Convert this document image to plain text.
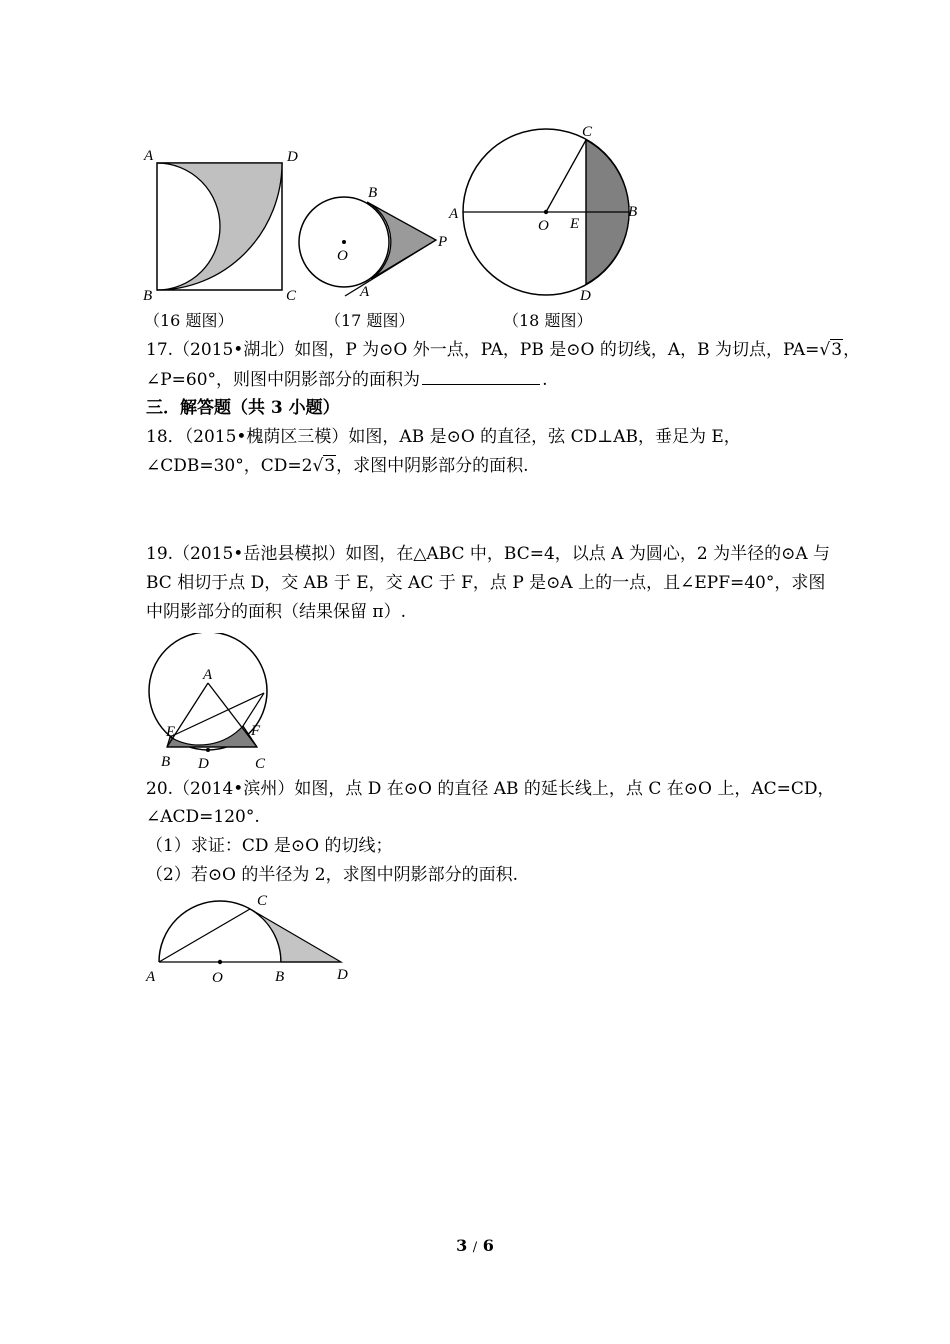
A	D
B	C
（16 题图）
B
O
P
A
（17 题图）
C
A
O E
B
D
（18 题图）
17.（2015•湖北）如图，P 为⊙O 外一点，PA，PB 是⊙O 的切线，A，B 为切点，PA=√3，
∠P=60°，则图中阴影部分的面积为	.
三．解答题（共 3 小题）
18．（2015•槐荫区三模）如图，AB 是⊙O 的直径，弦 CD⊥AB，垂足为 E，
∠CDB=30°，CD=2√3，求图中阴影部分的面积.
19.（2015•岳池县模拟）如图，在△ABC 中，BC=4，以点 A 为圆心，2 为半径的⊙A 与
BC 相切于点 D，交 AB 于 E，交 AC 于 F，点 P 是⊙A 上的一点，且∠EPF=40°，求图
中阴影部分的面积（结果保留 π）.
A
E	F
B D	C
20.（2014•滨州）如图，点 D 在⊙O 的直径 AB 的延长线上，点 C 在⊙O 上，AC=CD，
∠ACD=120°.
（1）求证：CD 是⊙O 的切线；
（2）若⊙O 的半径为 2，求图中阴影部分的面积.
C
A	O	B	D
3 / 6
